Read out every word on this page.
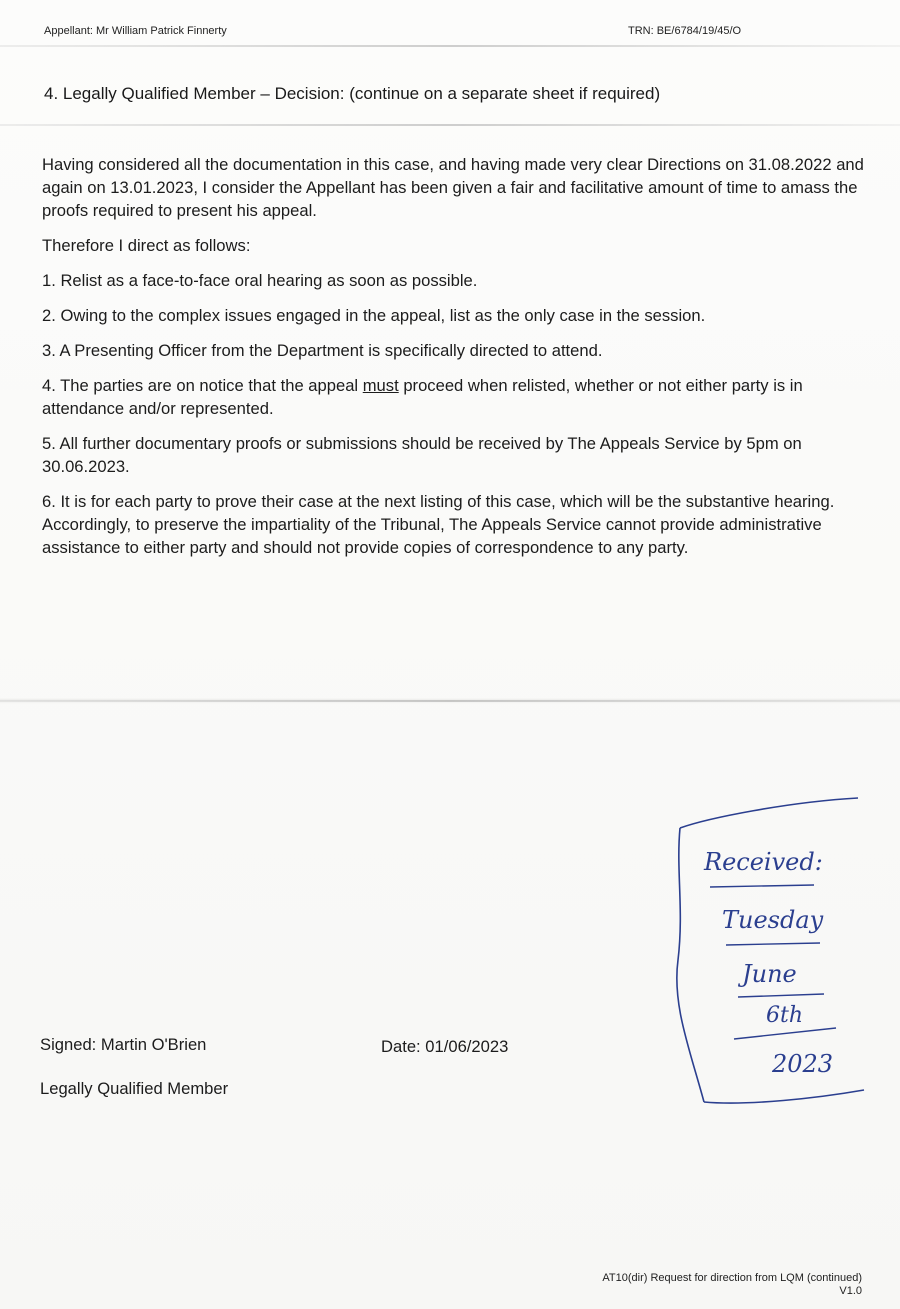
Appellant: Mr William Patrick Finnerty	TRN: BE/6784/19/45/O
4. Legally Qualified Member – Decision: (continue on a separate sheet if required)

Having considered all the documentation in this case, and having made very clear Directions on 31.08.2022 and again on 13.01.2023, I consider the Appellant has been given a fair and facilitative amount of time to amass the proofs required to present his appeal.

Therefore I direct as follows:

1. Relist as a face-to-face oral hearing as soon as possible.

2. Owing to the complex issues engaged in the appeal, list as the only case in the session.

3. A Presenting Officer from the Department is specifically directed to attend.

4. The parties are on notice that the appeal must proceed when relisted, whether or not either party is in attendance and/or represented.

5. All further documentary proofs or submissions should be received by The Appeals Service by 5pm on 30.06.2023.

6. It is for each party to prove their case at the next listing of this case, which will be the substantive hearing. Accordingly, to preserve the impartiality of the Tribunal, The Appeals Service cannot provide administrative assistance to either party and should not provide copies of correspondence to any party.

Signed: Martin O'Brien	Date: 01/06/2023
Legally Qualified Member
Received:
Tuesday
June
6th
2023
AT10(dir) Request for direction from LQM (continued)
V1.0
